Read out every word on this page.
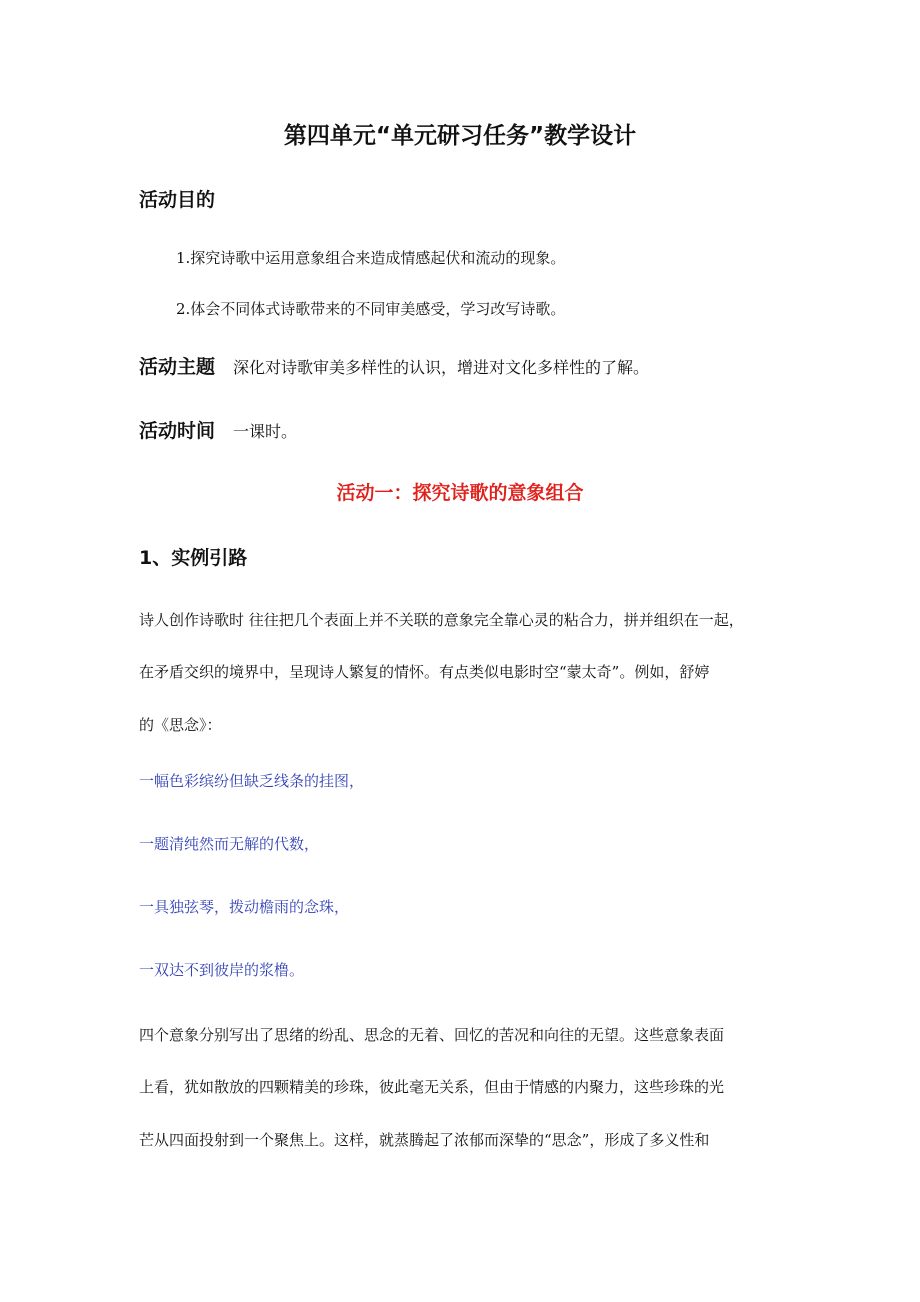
第四单元“单元研习任务”教学设计
活动目的
1.探究诗歌中运用意象组合来造成情感起伏和流动的现象。
2.体会不同体式诗歌带来的不同审美感受，学习改写诗歌。
活动主题 深化对诗歌审美多样性的认识，增进对文化多样性的了解。
活动时间 一课时。
活动一：探究诗歌的意象组合
1、实例引路
诗人创作诗歌时 往往把几个表面上并不关联的意象完全靠心灵的粘合力，拼并组织在一起，
在矛盾交织的境界中，呈现诗人繁复的情怀。有点类似电影时空“蒙太奇”。例如，舒婷
的《思念》：
一幅色彩缤纷但缺乏线条的挂图，
一题清纯然而无解的代数，
一具独弦琴，拨动檐雨的念珠，
一双达不到彼岸的浆橹。
四个意象分别写出了思绪的纷乱、思念的无着、回忆的苦况和向往的无望。这些意象表面
上看，犹如散放的四颗精美的珍珠，彼此毫无关系，但由于情感的内聚力，这些珍珠的光
芒从四面投射到一个聚焦上。这样，就蒸腾起了浓郁而深挚的“思念”，形成了多义性和
